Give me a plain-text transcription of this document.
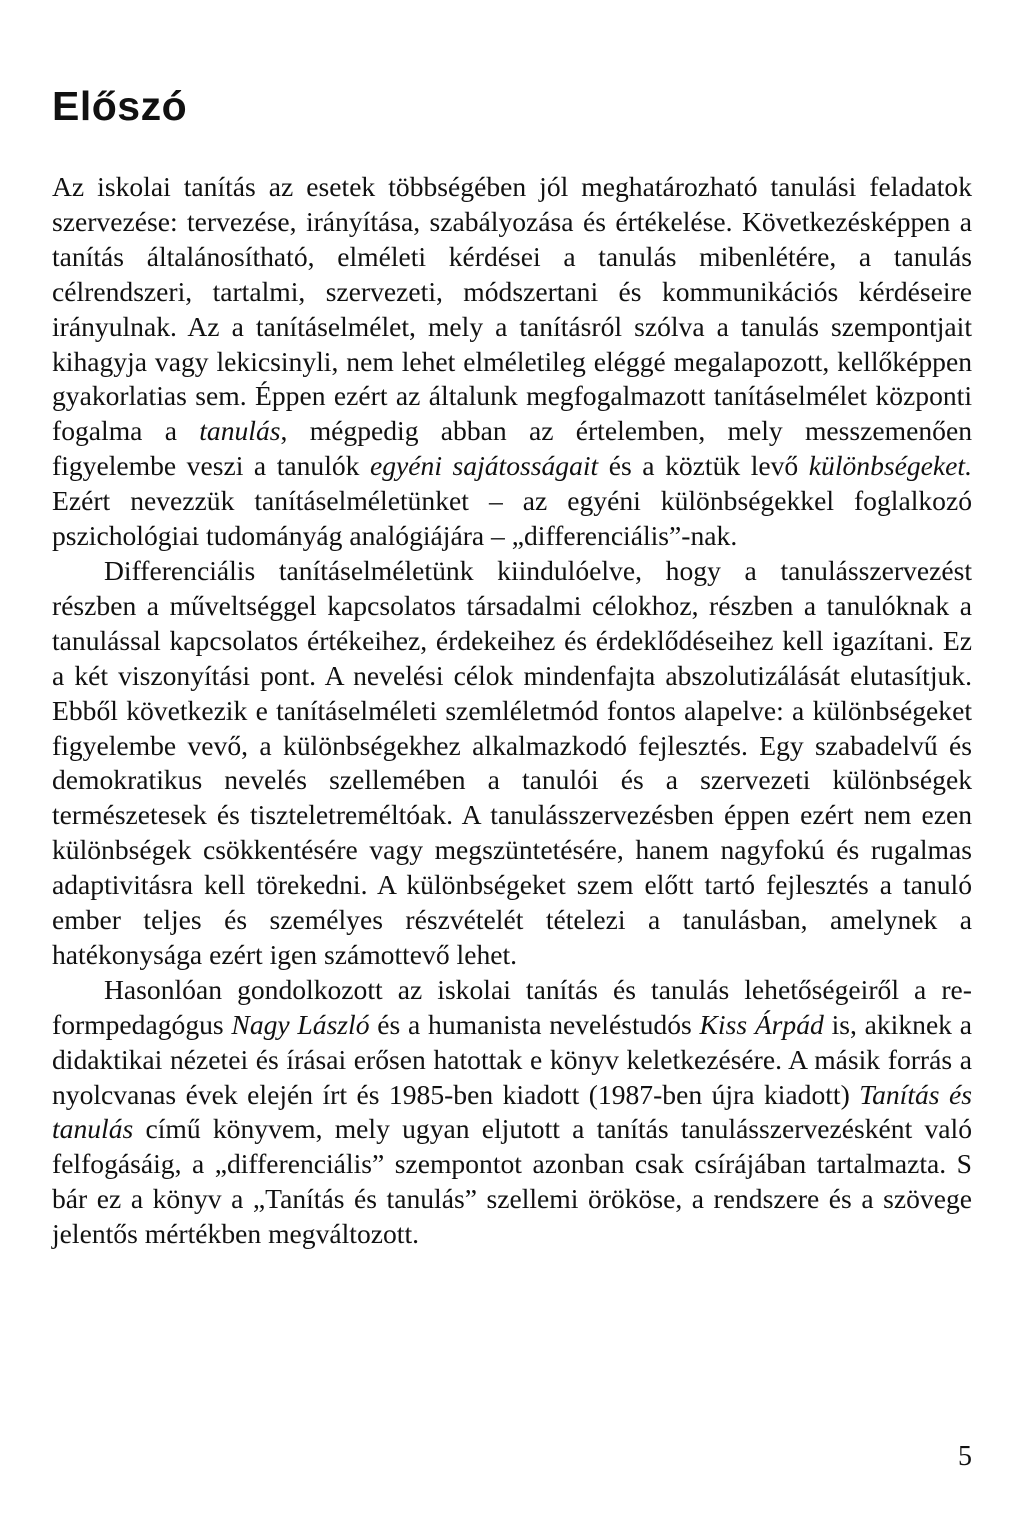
Előszó

Az iskolai tanítás az esetek többségében jól meghatározható tanulási feladatok szervezése: tervezése, irányítása, szabályozása és értékelése. Következésképpen a tanítás általánosítható, elméleti kérdései a tanulás mibenlétére, a tanulás célrendszeri, tartalmi, szervezeti, módszertani és kommunikációs kérdéseire irányulnak. Az a tanításelmélet, mely a tanításról szólva a tanulás szempontjait kihagyja vagy lekicsinyli, nem lehet elméletileg eléggé megalapozott, kellőképpen gyakorlatias sem. Éppen ezért az általunk megfogalmazott tanításelmélet központi fogalma a tanulás, mégpedig abban az értelemben, mely messzemenően figyelembe veszi a tanulók egyéni sajátosságait és a köztük levő különbségeket. Ezért nevezzük tanításelméletünket – az egyéni különbségekkel foglalkozó pszichológiai tudományág analógiájára – „differenciális”-nak.

Differenciális tanításelméletünk kiindulóelve, hogy a tanulásszervezést részben a műveltséggel kapcsolatos társadalmi célokhoz, részben a tanulóknak a tanulással kapcsolatos értékeihez, érdekeihez és érdeklődéseihez kell igazítani. Ez a két viszonyítási pont. A nevelési célok mindenfajta abszolutizálását elutasítjuk. Ebből következik e tanításelméleti szemléletmód fontos alapelve: a különbségeket figyelembe vevő, a különbségekhez alkalmazkodó fejlesztés. Egy szabadelvű és demokratikus nevelés szellemében a tanulói és a szervezeti különbségek természetesek és tiszteletreméltóak. A tanulásszervezésben éppen ezért nem ezen különbségek csökkentésére vagy megszüntetésére, hanem nagyfokú és rugalmas adaptivitásra kell törekedni. A különbségeket szem előtt tartó fejlesztés a tanuló ember teljes és személyes részvételét tételezi a tanulásban, amelynek a hatékonysága ezért igen számottevő lehet.

Hasonlóan gondolkozott az iskolai tanítás és tanulás lehetőségeiről a reformpedagógus Nagy László és a humanista neveléstudós Kiss Árpád is, akiknek a didaktikai nézetei és írásai erősen hatottak e könyv keletkezésére. A másik forrás a nyolcvanas évek elején írt és 1985-ben kiadott (1987-ben újra kiadott) Tanítás és tanulás című könyvem, mely ugyan eljutott a tanítás tanulásszervezésként való felfogásáig, a „differenciális” szempontot azonban csak csírájában tartalmazta. S bár ez a könyv a „Tanítás és tanulás” szellemi örököse, a rendszere és a szövege jelentős mértékben megváltozott.

5
